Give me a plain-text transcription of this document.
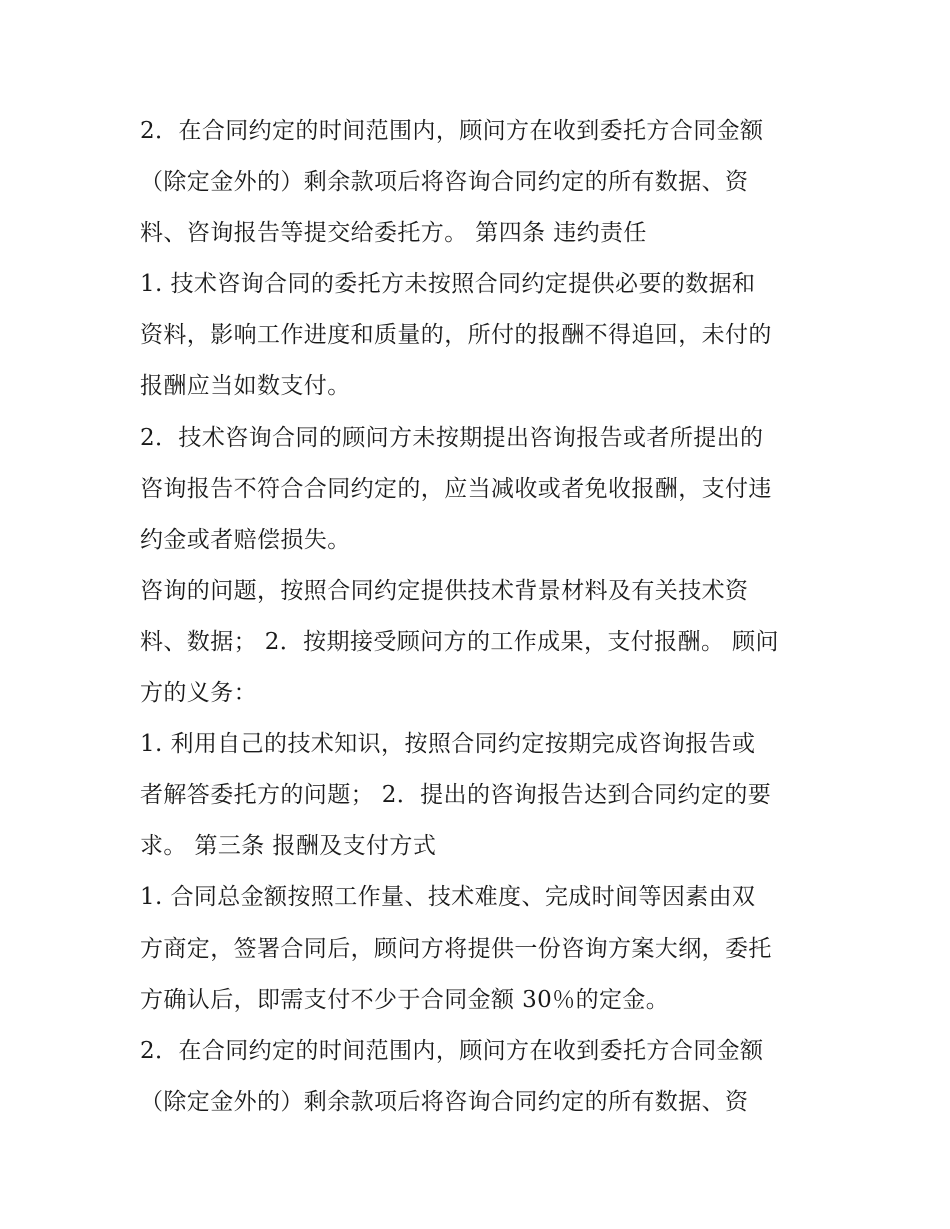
2．在合同约定的时间范围内，顾问方在收到委托方合同金额
（除定金外的）剩余款项后将咨询合同约定的所有数据、资
料、咨询报告等提交给委托方。 第四条 违约责任
1. 技术咨询合同的委托方未按照合同约定提供必要的数据和
资料，影响工作进度和质量的，所付的报酬不得追回，未付的
报酬应当如数支付。
2．技术咨询合同的顾问方未按期提出咨询报告或者所提出的
咨询报告不符合合同约定的，应当减收或者免收报酬，支付违
约金或者赔偿损失。
咨询的问题，按照合同约定提供技术背景材料及有关技术资
料、数据； 2．按期接受顾问方的工作成果，支付报酬。 顾问
方的义务：
1. 利用自己的技术知识，按照合同约定按期完成咨询报告或
者解答委托方的问题； 2．提出的咨询报告达到合同约定的要
求。 第三条 报酬及支付方式
1. 合同总金额按照工作量、技术难度、完成时间等因素由双
方商定，签署合同后，顾问方将提供一份咨询方案大纲，委托
方确认后，即需支付不少于合同金额 30％的定金。
2．在合同约定的时间范围内，顾问方在收到委托方合同金额
（除定金外的）剩余款项后将咨询合同约定的所有数据、资
